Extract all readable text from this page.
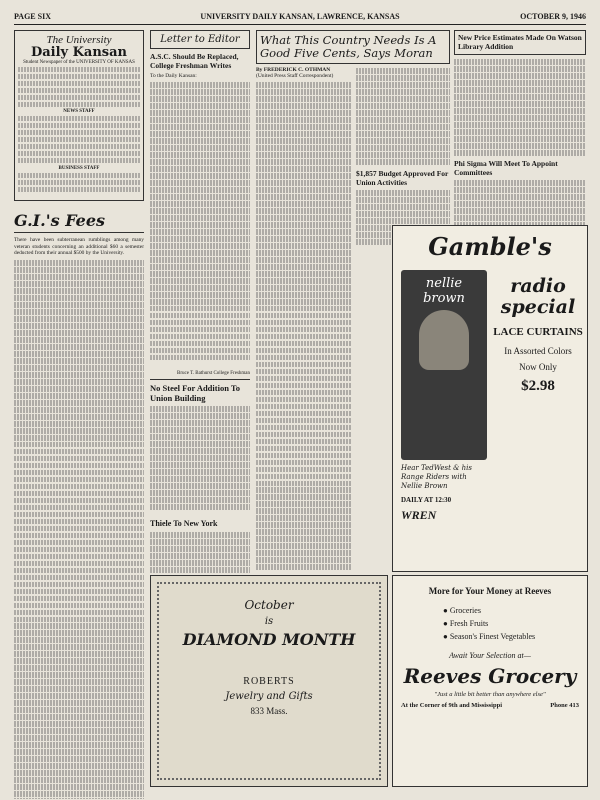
PAGE SIX	UNIVERSITY DAILY KANSAN, LAWRENCE, KANSAS	OCTOBER 9, 1946
The University
Daily Kansan
Student Newspaper of the UNIVERSITY OF KANSAS
NEWS STAFF
BUSINESS STAFF
G.I.'s Fees
There have been subterranean rumblings among many veteran students concerning an additional $60 a semester deducted from their annual $500 by the University.
Letter to Editor
A.S.C. Should Be Replaced, College Freshman Writes
To the Daily Kansan:
Bruce T. Bathurst College Freshman
No Steel For Addition To Union Building
Thiele To New York
What This Country Needs Is A
Good Five Cents, Says Moran
By FREDERICK C. OTHMAN
(United Press Staff Correspondent)
$1,857 Budget Approved For Union Activities
New Price Estimates Made On Watson Library Addition
Phi Sigma Will Meet To Appoint Committees
Gamble's
nellie brown
radio special
LACE CURTAINS
In Assorted Colors
Now Only
$2.98
Hear TedWest & his Range Riders with Nellie Brown
DAILY AT 12:30
WREN
October
is
DIAMOND MONTH
ROBERTS
Jewelry and Gifts
833 Mass.
More for Your Money at Reeves
● Groceries
● Fresh Fruits
● Season's Finest Vegetables
Await Your Selection at—
Reeves Grocery
"Just a little bit better than anywhere else"
At the Corner of 9th and Mississippi	Phone 413
